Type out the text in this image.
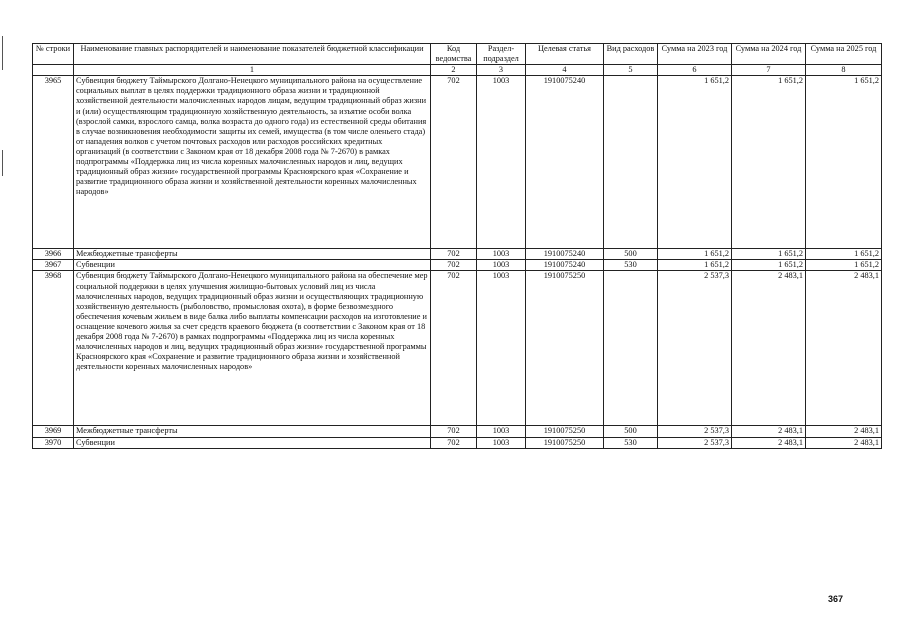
№ строки	Наименование главных распорядителей и наименование показателей бюджетной классификации	Код ведомства	Раздел-подраздел	Целевая статья	Вид расходов	Сумма на 2023 год	Сумма на 2024 год	Сумма на 2025 год
	1	2	3	4	5	6	7	8
3965	Субвенция бюджету Таймырского Долгано-Ненецкого муниципального района на осуществление социальных выплат в целях поддержки традиционного образа жизни и традиционной хозяйственной деятельности малочисленных народов лицам, ведущим традиционный образ жизни и (или) осуществляющим традиционную хозяйственную деятельность, за изъятие особи волка (взрослой самки, взрослого самца, волка возраста до одного года) из естественной среды обитания в случае возникновения необходимости защиты их семей, имущества (в том числе оленьего стада) от нападения волков с учетом почтовых расходов или расходов российских кредитных организаций (в соответствии с Законом края от 18 декабря 2008 года № 7-2670) в рамках подпрограммы «Поддержка лиц из числа коренных малочисленных народов и лиц, ведущих традиционный образ жизни» государственной программы Красноярского края «Сохранение и развитие традиционного образа жизни и хозяйственной деятельности коренных малочисленных народов»	702	1003	1910075240		1 651,2	1 651,2	1 651,2
3966	Межбюджетные трансферты	702	1003	1910075240	500	1 651,2	1 651,2	1 651,2
3967	Субвенции	702	1003	1910075240	530	1 651,2	1 651,2	1 651,2
3968	Субвенция бюджету Таймырского Долгано-Ненецкого муниципального района на обеспечение мер социальной поддержки в целях улучшения жилищно-бытовых условий лиц из числа малочисленных народов, ведущих традиционный образ жизни и осуществляющих традиционную хозяйственную деятельность (рыболовство, промысловая охота), в форме безвозмездного обеспечения кочевым жильем в виде балка либо выплаты компенсации расходов на изготовление и оснащение кочевого жилья за счет средств краевого бюджета (в соответствии с Законом края от 18 декабря 2008 года № 7-2670) в рамках подпрограммы «Поддержка лиц из числа коренных малочисленных народов и лиц, ведущих традиционный образ жизни» государственной программы Красноярского края «Сохранение и развитие традиционного образа жизни и хозяйственной деятельности коренных малочисленных народов»	702	1003	1910075250		2 537,3	2 483,1	2 483,1
3969	Межбюджетные трансферты	702	1003	1910075250	500	2 537,3	2 483,1	2 483,1
3970	Субвенции	702	1003	1910075250	530	2 537,3	2 483,1	2 483,1
367
